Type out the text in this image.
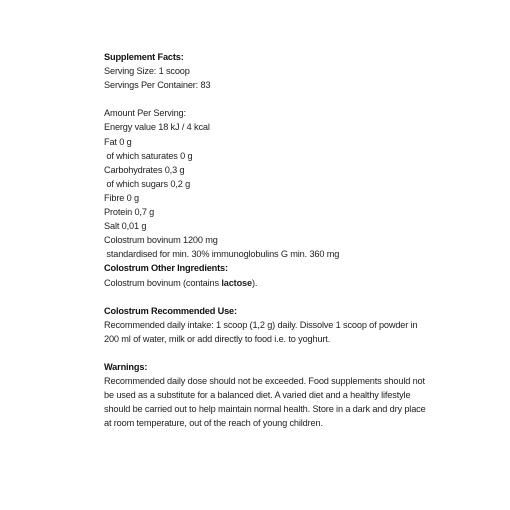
Supplement Facts:
Serving Size: 1 scoop
Servings Per Container: 83
Amount Per Serving:
Energy value 18 kJ / 4 kcal
Fat 0 g
of which saturates 0 g
Carbohydrates 0,3 g
of which sugars 0,2 g
Fibre 0 g
Protein 0,7 g
Salt 0,01 g
Colostrum bovinum 1200 mg
standardised for min. 30% immunoglobulins G min. 360 mg
Colostrum Other Ingredients:
Colostrum bovinum (contains lactose).
Colostrum Recommended Use:
Recommended daily intake: 1 scoop (1,2 g) daily. Dissolve 1 scoop of powder in 200 ml of water, milk or add directly to food i.e. to yoghurt.
Warnings:
Recommended daily dose should not be exceeded. Food supplements should not be used as a substitute for a balanced diet. A varied diet and a healthy lifestyle should be carried out to help maintain normal health. Store in a dark and dry place at room temperature, out of the reach of young children.
